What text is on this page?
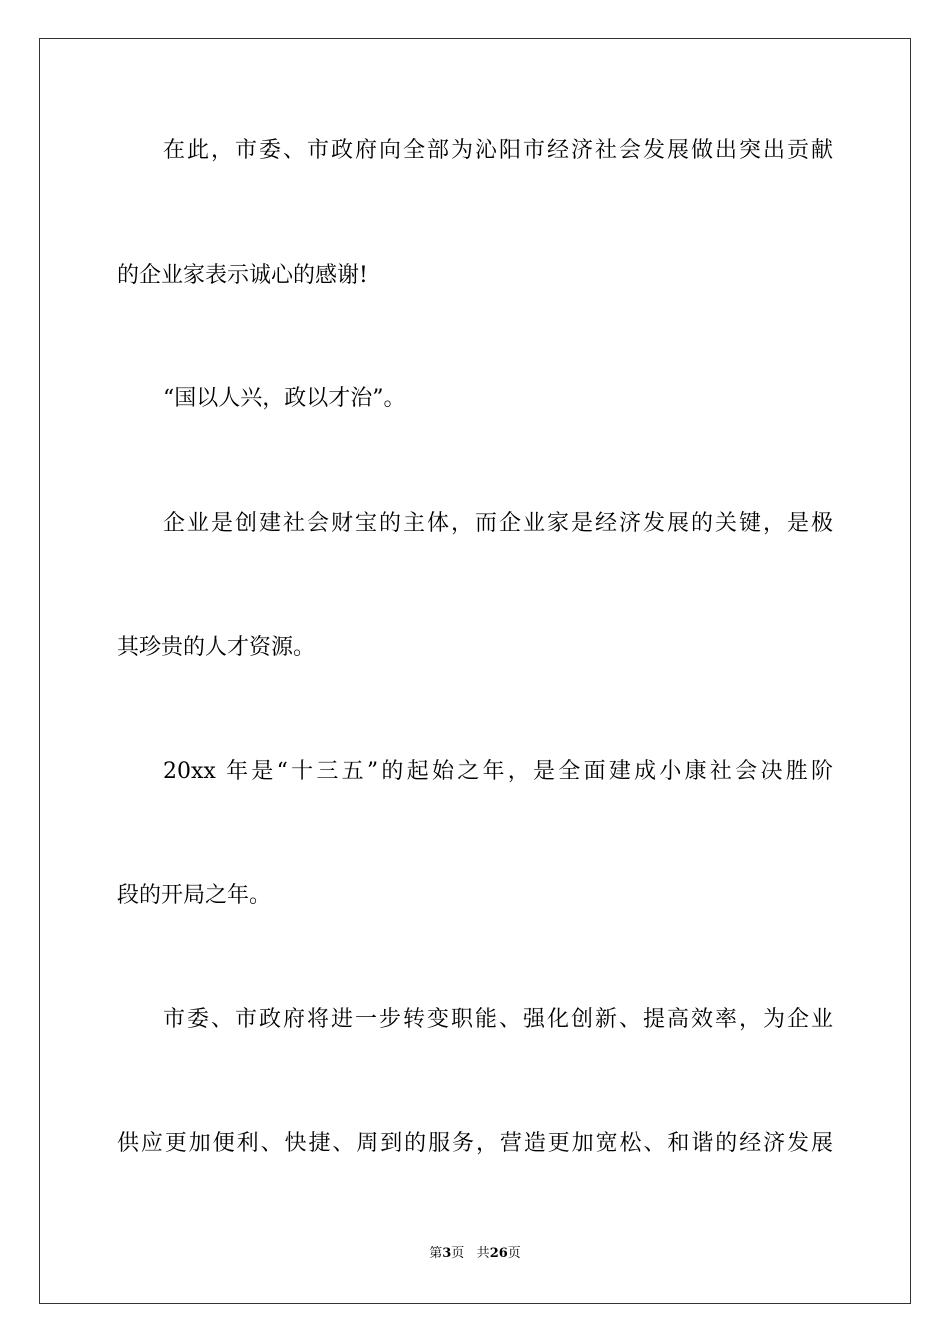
在此，市委、市政府向全部为沁阳市经济社会发展做出突出贡献
的企业家表示诚心的感谢!
“国以人兴，政以才治”。
企业是创建社会财宝的主体，而企业家是经济发展的关键，是极
其珍贵的人才资源。
20xx 年是“十三五”的起始之年，是全面建成小康社会决胜阶
段的开局之年。
市委、市政府将进一步转变职能、强化创新、提高效率，为企业
供应更加便利、快捷、周到的服务，营造更加宽松、和谐的经济发展
第3页 共26页
